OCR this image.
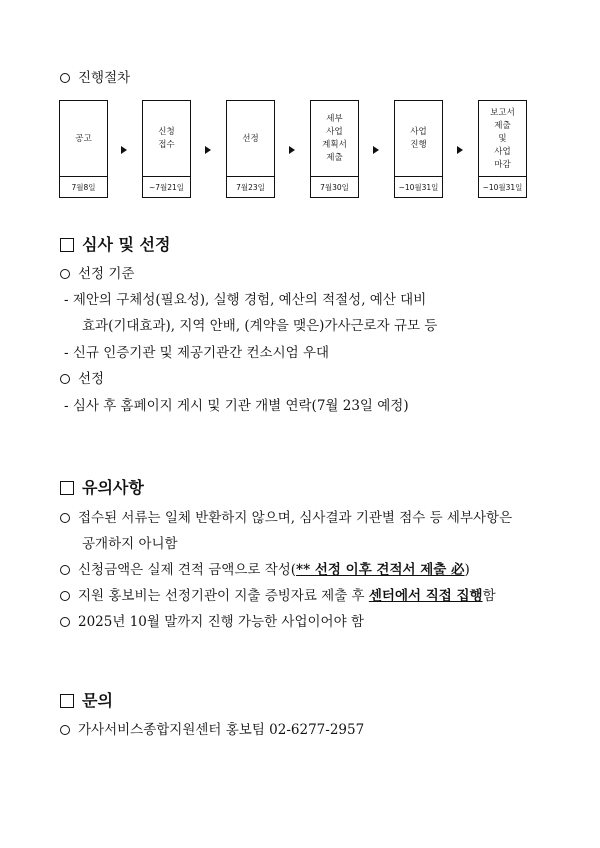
진행절차
공고
7월8일
신청
접수
~7월21일
선정
7월23일
세부
사업
계획서
제출
7월30일
사업
진행
~10월31일
보고서
제출
및
사업
마감
~10월31일
심사 및 선정
선정 기준
- 제안의 구체성(필요성), 실행 경험, 예산의 적절성, 예산 대비
효과(기대효과), 지역 안배, (계약을 맺은)가사근로자 규모 등
- 신규 인증기관 및 제공기관간 컨소시엄 우대
선정
- 심사 후 홈페이지 게시 및 기관 개별 연락(7월 23일 예정)
유의사항
접수된 서류는 일체 반환하지 않으며, 심사결과 기관별 점수 등 세부사항은
공개하지 아니함
신청금액은 실제 견적 금액으로 작성(** 선정 이후 견적서 제출 必)
지원 홍보비는 선정기관이 지출 증빙자료 제출 후 센터에서 직접 집행함
2025년 10월 말까지 진행 가능한 사업이어야 함
문의
가사서비스종합지원센터 홍보팀 02-6277-2957
